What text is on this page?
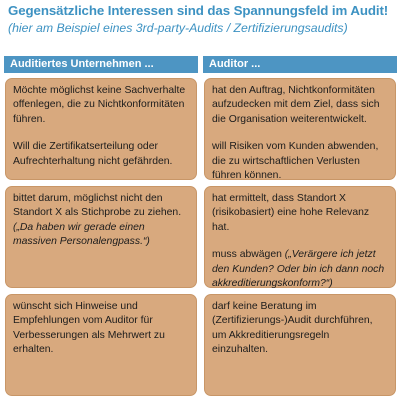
Gegensätzliche Interessen sind das Spannungsfeld im Audit!
(hier am Beispiel eines 3rd-party-Audits / Zertifizierungsaudits)
Auditiertes Unternehmen ...	Auditor ...

Möchte möglichst keine Sachverhalte offenlegen, die zu Nichtkonformitäten führen.

Will die Zertifikatserteilung oder Aufrechterhaltung nicht gefährden.

hat den Auftrag, Nichtkonformitäten aufzudecken mit dem Ziel, dass sich die Organisation weiterentwickelt.

will Risiken vom Kunden abwenden, die zu wirtschaftlichen Verlusten führen können.

bittet darum, möglichst nicht den Standort X als Stichprobe zu ziehen.
(„Da haben wir gerade einen massiven Personalengpass.“)

hat ermittelt, dass Standort X (risikobasiert) eine hohe Relevanz hat.

muss abwägen („Verärgere ich jetzt den Kunden? Oder bin ich dann noch akkreditierungskonform?“)

wünscht sich Hinweise und Empfehlungen vom Auditor für Verbesserungen als Mehrwert zu erhalten.

darf keine Beratung im (Zertifizierungs-)Audit durchführen, um Akkreditierungsregeln einzuhalten.
